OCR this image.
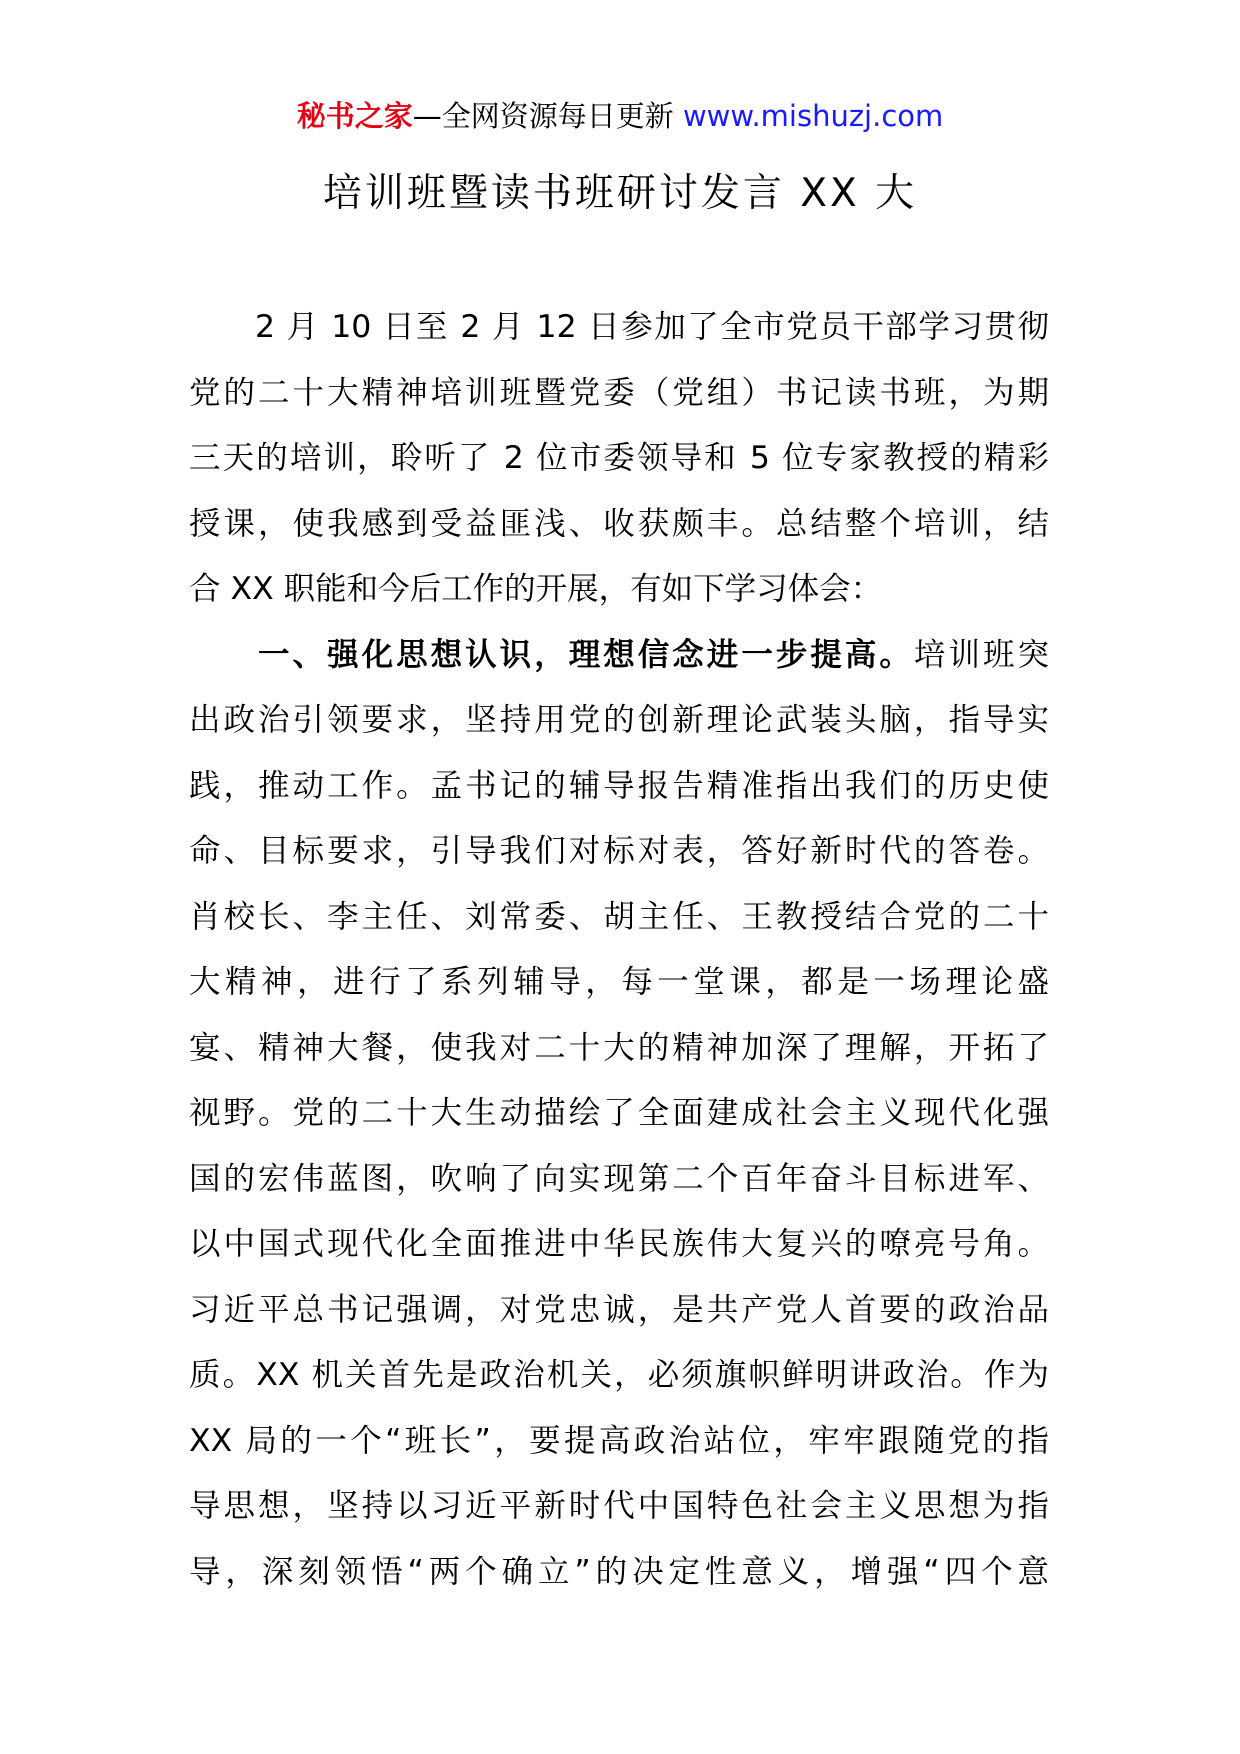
秘书之家—全网资源每日更新 www.mishuzj.com
培训班暨读书班研讨发言 XX 大
　　2 月 10 日至 2 月 12 日参加了全市党员干部学习贯彻
党的二十大精神培训班暨党委（党组）书记读书班，为期
三天的培训，聆听了 2 位市委领导和 5 位专家教授的精彩
授课，使我感到受益匪浅、收获颇丰。总结整个培训，结
合 XX 职能和今后工作的开展，有如下学习体会：
　　一、强化思想认识，理想信念进一步提高。培训班突
出政治引领要求，坚持用党的创新理论武装头脑，指导实
践，推动工作。孟书记的辅导报告精准指出我们的历史使
命、目标要求，引导我们对标对表，答好新时代的答卷。
肖校长、李主任、刘常委、胡主任、王教授结合党的二十
大精神，进行了系列辅导，每一堂课，都是一场理论盛
宴、精神大餐，使我对二十大的精神加深了理解，开拓了
视野。党的二十大生动描绘了全面建成社会主义现代化强
国的宏伟蓝图，吹响了向实现第二个百年奋斗目标进军、
以中国式现代化全面推进中华民族伟大复兴的嘹亮号角。
习近平总书记强调，对党忠诚，是共产党人首要的政治品
质。XX 机关首先是政治机关，必须旗帜鲜明讲政治。作为
XX 局的一个“班长”，要提高政治站位，牢牢跟随党的指
导思想，坚持以习近平新时代中国特色社会主义思想为指
导，深刻领悟“两个确立”的决定性意义，增强“四个意
